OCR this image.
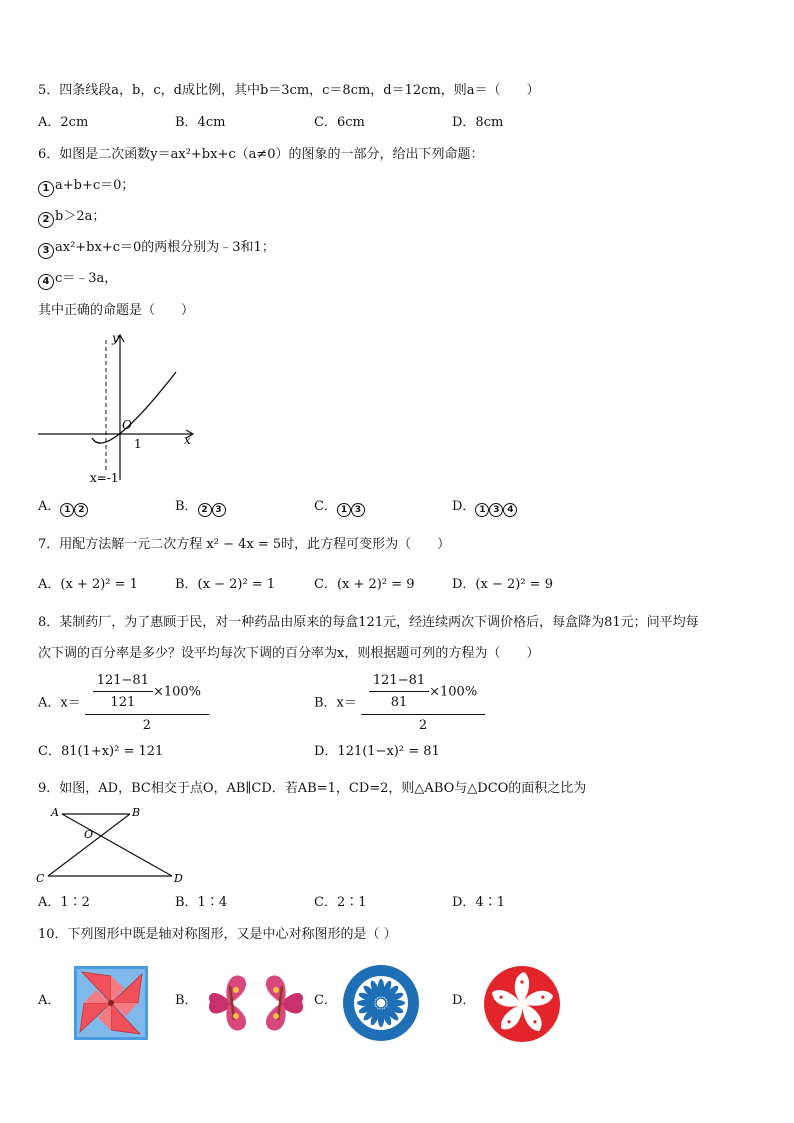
5．四条线段a，b，c，d成比例，其中b＝3cm，c＝8cm，d＝12cm，则a＝（　　）
A．2cm	B．4cm	C．6cm	D．8cm
6．如图是二次函数y＝ax²+bx+c（a≠0）的图象的一部分，给出下列命题：
1 a+b+c＝0；
2 b＞2a；
3 ax²+bx+c＝0的两根分别为﹣3和1；
4 c＝﹣3a，
其中正确的命题是（　　）
O
1	x
y
x=-1
A． 1 2	B． 2 3	C． 1 3	D． 1 3 4
7．用配方法解一元二次方程 x² − 4x = 5时，此方程可变形为（　　）
A．(x + 2)² = 1	B．(x − 2)² = 1	C．(x + 2)² = 9	D．(x − 2)² = 9
8．某制药厂，为了惠顾于民，对一种药品由原来的每盒121元，经连续两次下调价格后，每盒降为81元；问平均每
次下调的百分率是多少？设平均每次下调的百分率为x，则根据题可列的方程为（　　）
A．$x= \frac{\frac{121-81}{121} \times 100\%}{2}$	B．$x= \frac{\frac{121-81}{81} \times 100\%}{2}$
C．81(1+x)² = 121	D．121(1−x)² = 81
9．如图，AD，BC相交于点O，AB∥CD．若AB=1，CD=2，则△ABO与△DCO的面积之比为
A	B
O
C	D
A．1∶2	B．1∶4	C．2∶1	D．4∶1
10．下列图形中既是轴对称图形，又是中心对称图形的是（ ）
A．	B．	C．	D．
